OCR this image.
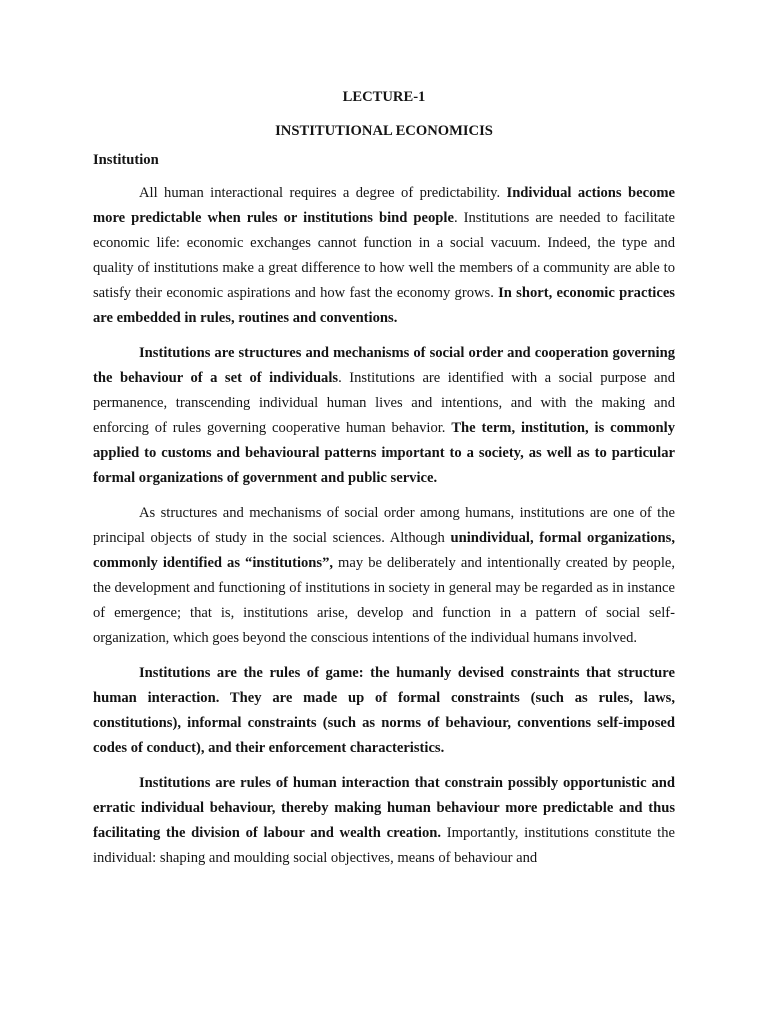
LECTURE-1
INSTITUTIONAL ECONOMICIS
Institution

All human interactional requires a degree of predictability. Individual actions become more predictable when rules or institutions bind people. Institutions are needed to facilitate economic life: economic exchanges cannot function in a social vacuum. Indeed, the type and quality of institutions make a great difference to how well the members of a community are able to satisfy their economic aspirations and how fast the economy grows. In short, economic practices are embedded in rules, routines and conventions.

Institutions are structures and mechanisms of social order and cooperation governing the behaviour of a set of individuals. Institutions are identified with a social purpose and permanence, transcending individual human lives and intentions, and with the making and enforcing of rules governing cooperative human behavior. The term, institution, is commonly applied to customs and behavioural patterns important to a society, as well as to particular formal organizations of government and public service.

As structures and mechanisms of social order among humans, institutions are one of the principal objects of study in the social sciences. Although unindividual, formal organizations, commonly identified as “institutions”, may be deliberately and intentionally created by people, the development and functioning of institutions in society in general may be regarded as in instance of emergence; that is, institutions arise, develop and function in a pattern of social self-organization, which goes beyond the conscious intentions of the individual humans involved.

Institutions are the rules of game: the humanly devised constraints that structure human interaction. They are made up of formal constraints (such as rules, laws, constitutions), informal constraints (such as norms of behaviour, conventions self-imposed codes of conduct), and their enforcement characteristics.

Institutions are rules of human interaction that constrain possibly opportunistic and erratic individual behaviour, thereby making human behaviour more predictable and thus facilitating the division of labour and wealth creation. Importantly, institutions constitute the individual: shaping and moulding social objectives, means of behaviour and
